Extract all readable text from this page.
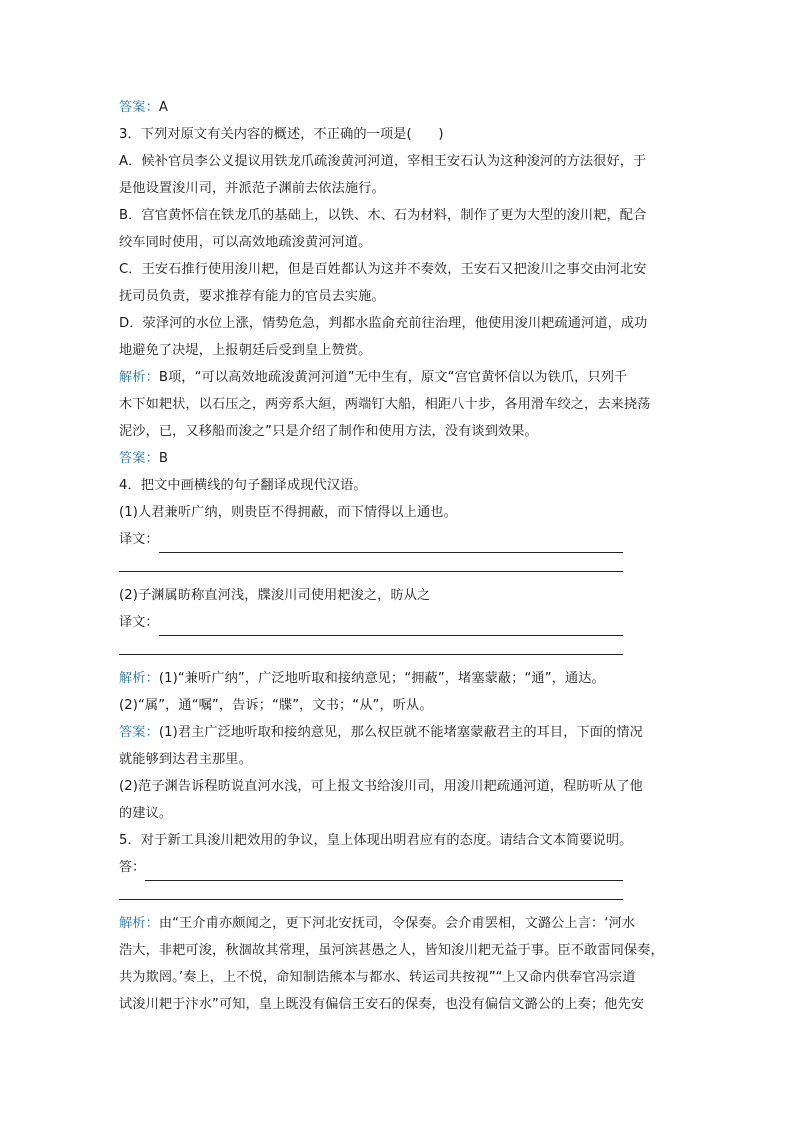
答案：A
3．下列对原文有关内容的概述，不正确的一项是(　　)
A．候补官员李公义提议用铁龙爪疏浚黄河河道，宰相王安石认为这种浚河的方法很好，于
是他设置浚川司，并派范子渊前去依法施行。
B．宫官黄怀信在铁龙爪的基础上，以铁、木、石为材料，制作了更为大型的浚川耙，配合
绞车同时使用，可以高效地疏浚黄河河道。
C．王安石推行使用浚川耙，但是百姓都认为这并不奏效，王安石又把浚川之事交由河北安
抚司员负责，要求推荐有能力的官员去实施。
D．荥泽河的水位上涨，情势危急，判都水监俞充前往治理，他使用浚川耙疏通河道，成功
地避免了决堤，上报朝廷后受到皇上赞赏。
解析：B项，“可以高效地疏浚黄河河道”无中生有，原文“宫官黄怀信以为铁爪，只列千
木下如耙状，以石压之，两旁系大絙，两端钉大船，相距八十步，各用滑车绞之，去来挠荡
泥沙，已，又移船而浚之”只是介绍了制作和使用方法，没有谈到效果。
答案：B
4．把文中画横线的句子翻译成现代汉语。
(1)人君兼听广纳，则贵臣不得拥蔽，而下情得以上通也。
译文：
(2)子渊属昉称直河浅，牒浚川司使用耙浚之，昉从之
译文：
解析：(1)“兼听广纳”，广泛地听取和接纳意见；“拥蔽”，堵塞蒙蔽；“通”，通达。
(2)“属”，通“嘱”，告诉；“牒”，文书；“从”，听从。
答案：(1)君主广泛地听取和接纳意见，那么权臣就不能堵塞蒙蔽君主的耳目，下面的情况
就能够到达君主那里。
(2)范子渊告诉程昉说直河水浅，可上报文书给浚川司，用浚川耙疏通河道，程昉听从了他
的建议。
5．对于新工具浚川耙效用的争议，皇上体现出明君应有的态度。请结合文本简要说明。
答：
解析：由“王介甫亦颇闻之，更下河北安抚司，令保奏。会介甫罢相，文潞公上言：‘河水
浩大，非耙可浚，秋涸故其常理，虽河滨甚愚之人，皆知浚川耙无益于事。臣不敢雷同保奏，
共为欺罔。’奏上，上不悦，命知制诰熊本与都水、转运司共按视”“上又命内供奉官冯宗道
试浚川耙于汴水”可知，皇上既没有偏信王安石的保奏，也没有偏信文潞公的上奏；他先安
